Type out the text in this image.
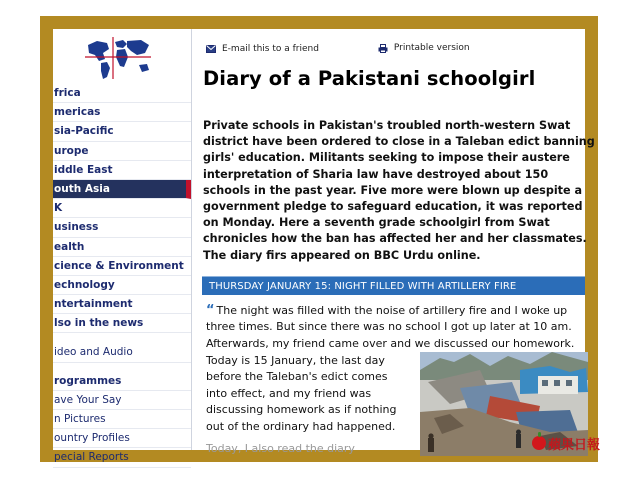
frica
mericas
sia-Pacific
urope
iddle East
outh Asia
K
usiness
ealth
cience & Environment
echnology
ntertainment
lso in the news
ideo and Audio
rogrammes
ave Your Say
n Pictures
ountry Profiles
pecial Reports
E-mail this to a friend
	Printable version
Diary of a Pakistani schoolgirl

Private schools in Pakistan's troubled north-western Swat district have been ordered to close in a Taleban edict banning girls' education. Militants seeking to impose their austere interpretation of Sharia law have destroyed about 150 schools in the past year. Five more were blown up despite a government pledge to safeguard education, it was reported on Monday. Here a seventh grade schoolgirl from Swat chronicles how the ban has affected her and her classmates. The diary firs appeared on BBC Urdu online.

THURSDAY JANUARY 15: NIGHT FILLED WITH ARTILLERY FIRE

“ The night was filled with the noise of artillery fire and I woke up three times. But since there was no school I got up later at 10 am. Afterwards, my friend came over and we discussed our homework.

Today is 15 January, the last day before the Taleban's edict comes into effect, and my friend was discussing homework as if nothing out of the ordinary had happened.

Today, I also read the diary	蘋果日報
